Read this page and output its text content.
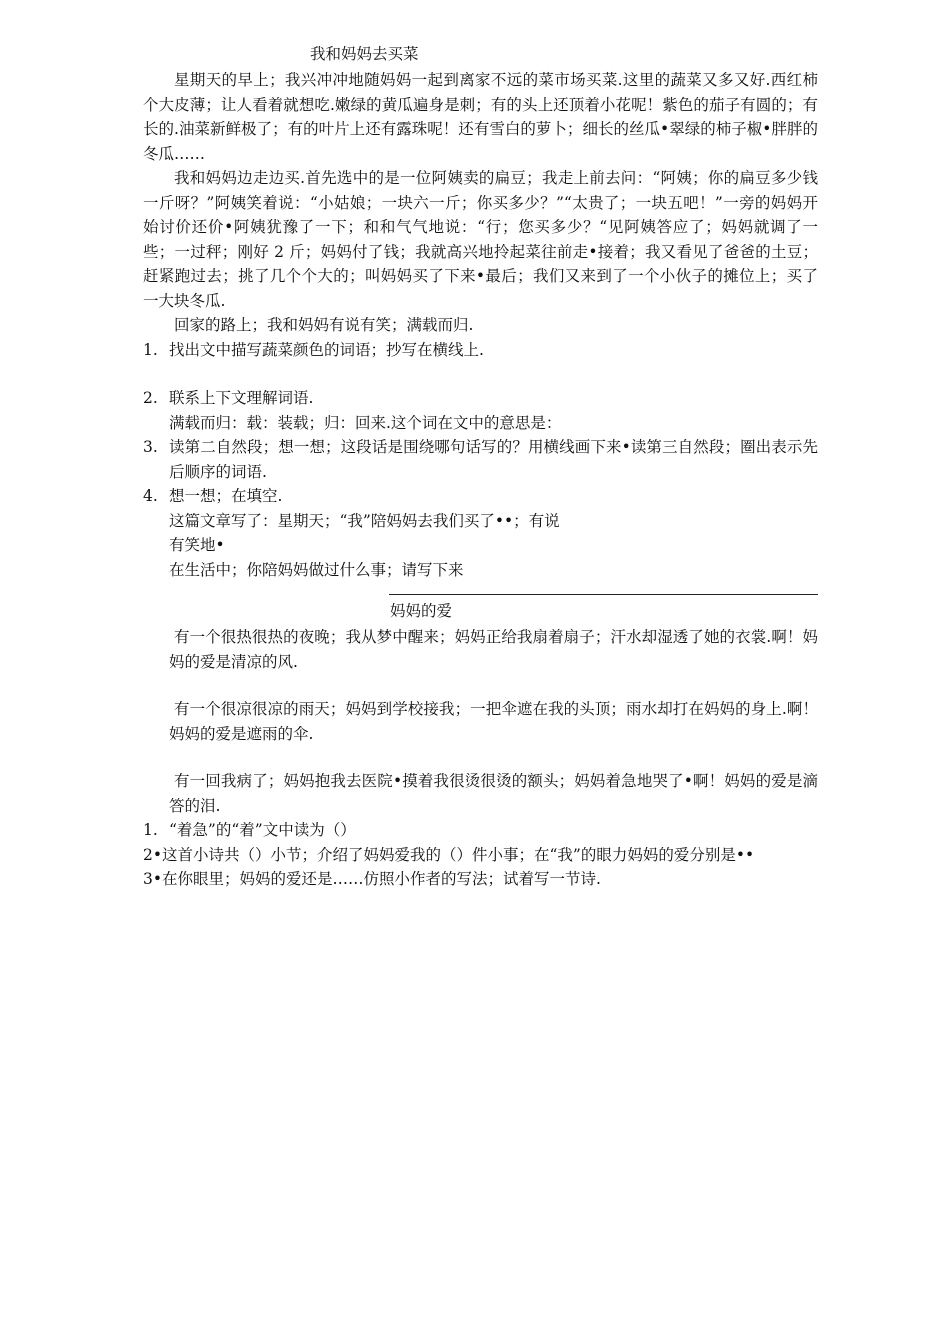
我和妈妈去买菜

星期天的早上；我兴冲冲地随妈妈一起到离家不远的菜市场买菜.这里的蔬菜又多又好.西红柿个大皮薄；让人看着就想吃.嫩绿的黄瓜遍身是刺；有的头上还顶着小花呢！紫色的茄子有圆的；有长的.油菜新鲜极了；有的叶片上还有露珠呢！还有雪白的萝卜；细长的丝瓜•翠绿的柿子椒•胖胖的冬瓜……

我和妈妈边走边买.首先选中的是一位阿姨卖的扁豆；我走上前去问：“阿姨；你的扁豆多少钱一斤呀？”阿姨笑着说：“小姑娘；一块六一斤；你买多少？”“太贵了；一块五吧！”一旁的妈妈开始讨价还价•阿姨犹豫了一下；和和气气地说：“行；您买多少？“见阿姨答应了；妈妈就调了一些；一过秤；刚好 2 斤；妈妈付了钱；我就高兴地拎起菜往前走•接着；我又看见了爸爸的土豆；赶紧跑过去；挑了几个个大的；叫妈妈买了下来•最后；我们又来到了一个小伙子的摊位上；买了一大块冬瓜.

回家的路上；我和妈妈有说有笑；满载而归.

1. 找出文中描写蔬菜颜色的词语；抄写在横线上.

2. 联系上下文理解词语.

满载而归：载：装载；归：回来.这个词在文中的意思是：

3. 读第二自然段；想一想；这段话是围绕哪句话写的？用横线画下来•读第三自然段；圈出表示先后顺序的词语.

4. 想一想；在填空.

这篇文章写了：星期天；“我”陪妈妈去我们买了••；有说

有笑地•

在生活中；你陪妈妈做过什么事；请写下来

妈妈的爱

有一个很热很热的夜晚；我从梦中醒来；妈妈正给我扇着扇子；汗水却湿透了她的衣裳.啊！妈妈的爱是清凉的风.

有一个很凉很凉的雨天；妈妈到学校接我；一把伞遮在我的头顶；雨水却打在妈妈的身上.啊！妈妈的爱是遮雨的伞.

有一回我病了；妈妈抱我去医院•摸着我很烫很烫的额头；妈妈着急地哭了•啊！妈妈的爱是滴答的泪.

1. “着急”的“着”文中读为（）

2•这首小诗共（）小节；介绍了妈妈爱我的（）件小事；在“我”的眼力妈妈的爱分别是••

3•在你眼里；妈妈的爱还是……仿照小作者的写法；试着写一节诗.
